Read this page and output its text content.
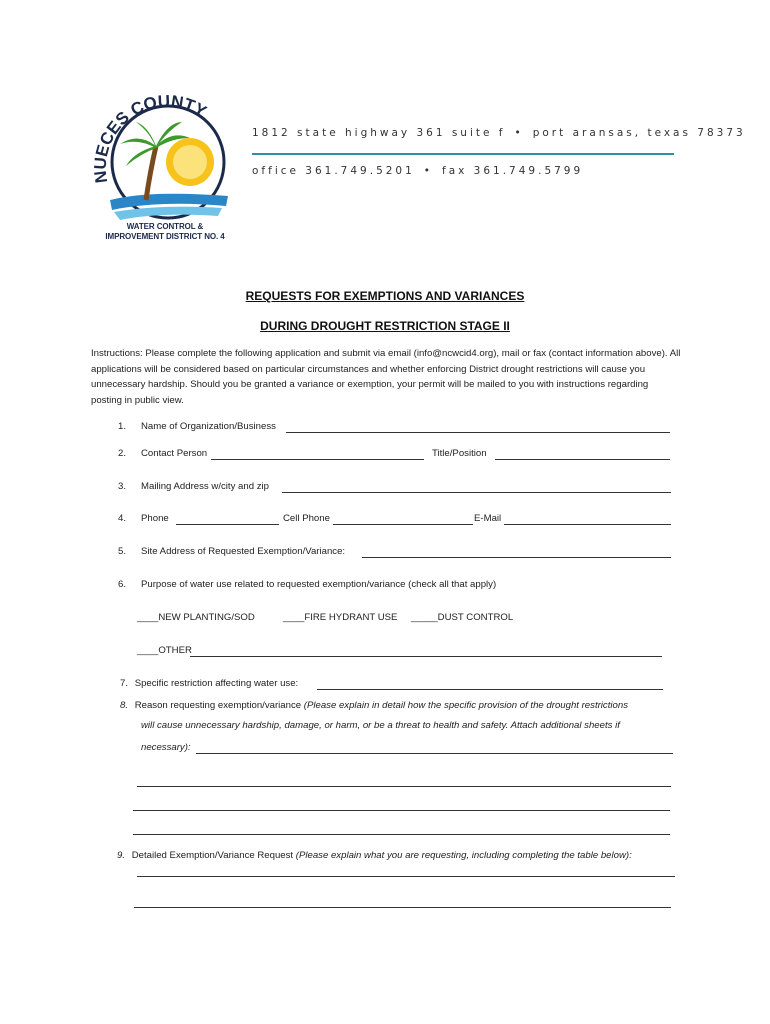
NUECES COUNTY
WATER CONTROL &
IMPROVEMENT DISTRICT NO. 4
1812 state highway 361 suite f • port aransas, texas 78373
office 361.749.5201 • fax 361.749.5799
REQUESTS FOR EXEMPTIONS AND VARIANCES
DURING DROUGHT RESTRICTION STAGE II
Instructions: Please complete the following application and submit via email (info@ncwcid4.org), mail or fax (contact information above). All applications will be considered based on particular circumstances and whether enforcing District drought restrictions will cause you unnecessary hardship. Should you be granted a variance or exemption, your permit will be mailed to you with instructions regarding posting in public view.
1. Name of Organization/Business
2. Contact Person	Title/Position
3. Mailing Address w/city and zip
4. Phone	Cell Phone	E-Mail
5. Site Address of Requested Exemption/Variance:
6. Purpose of water use related to requested exemption/variance (check all that apply)
____NEW PLANTING/SOD	____FIRE HYDRANT USE _____DUST CONTROL
____OTHER
7. Specific restriction affecting water use:
8. Reason requesting exemption/variance (Please explain in detail how the specific provision of the drought restrictions
will cause unnecessary hardship, damage, or harm, or be a threat to health and safety. Attach additional sheets if
necessary):
9. Detailed Exemption/Variance Request (Please explain what you are requesting, including completing the table below):
